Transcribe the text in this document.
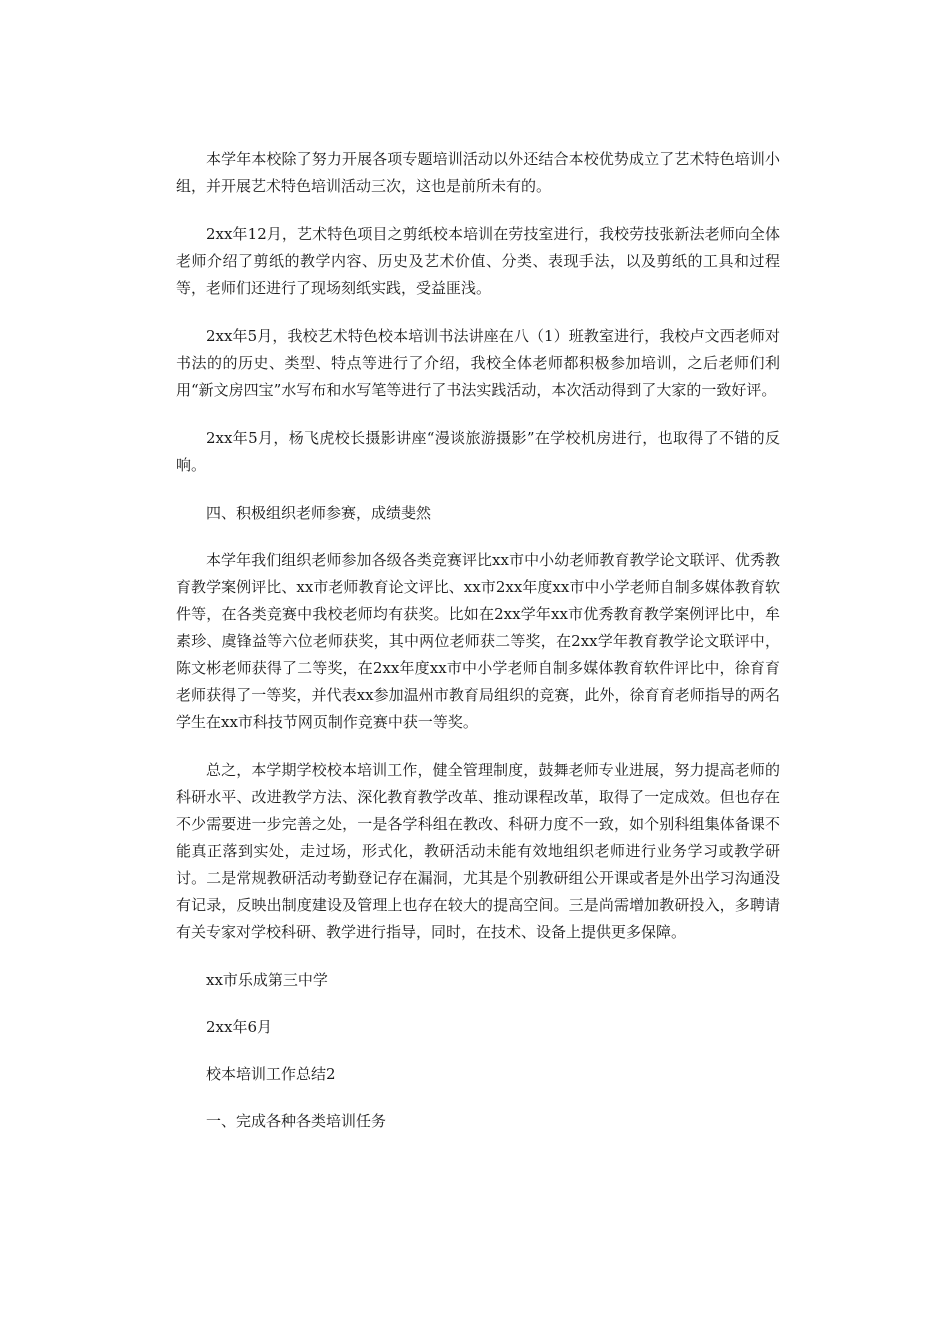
本学年本校除了努力开展各项专题培训活动以外还结合本校优势成立了艺术特色培训小组，并开展艺术特色培训活动三次，这也是前所未有的。

2xx年12月，艺术特色项目之剪纸校本培训在劳技室进行，我校劳技张新法老师向全体老师介绍了剪纸的教学内容、历史及艺术价值、分类、表现手法，以及剪纸的工具和过程等，老师们还进行了现场刻纸实践，受益匪浅。

2xx年5月，我校艺术特色校本培训书法讲座在八（1）班教室进行，我校卢文西老师对书法的的历史、类型、特点等进行了介绍，我校全体老师都积极参加培训，之后老师们利用“新文房四宝”水写布和水写笔等进行了书法实践活动，本次活动得到了大家的一致好评。

2xx年5月，杨飞虎校长摄影讲座“漫谈旅游摄影”在学校机房进行，也取得了不错的反响。

四、积极组织老师参赛，成绩斐然

本学年我们组织老师参加各级各类竞赛评比xx市中小幼老师教育教学论文联评、优秀教育教学案例评比、xx市老师教育论文评比、xx市2xx年度xx市中小学老师自制多媒体教育软件等，在各类竞赛中我校老师均有获奖。比如在2xx学年xx市优秀教育教学案例评比中，牟素珍、虞锋益等六位老师获奖，其中两位老师获二等奖，在2xx学年教育教学论文联评中，陈文彬老师获得了二等奖，在2xx年度xx市中小学老师自制多媒体教育软件评比中，徐育育老师获得了一等奖，并代表xx参加温州市教育局组织的竞赛，此外，徐育育老师指导的两名学生在xx市科技节网页制作竞赛中获一等奖。

总之，本学期学校校本培训工作，健全管理制度，鼓舞老师专业进展，努力提高老师的科研水平、改进教学方法、深化教育教学改革、推动课程改革，取得了一定成效。但也存在不少需要进一步完善之处，一是各学科组在教改、科研力度不一致，如个别科组集体备课不能真正落到实处，走过场，形式化，教研活动未能有效地组织老师进行业务学习或教学研讨。二是常规教研活动考勤登记存在漏洞，尤其是个别教研组公开课或者是外出学习沟通没有记录，反映出制度建设及管理上也存在较大的提高空间。三是尚需增加教研投入，多聘请有关专家对学校科研、教学进行指导，同时，在技术、设备上提供更多保障。

xx市乐成第三中学

2xx年6月

校本培训工作总结2

一、完成各种各类培训任务
